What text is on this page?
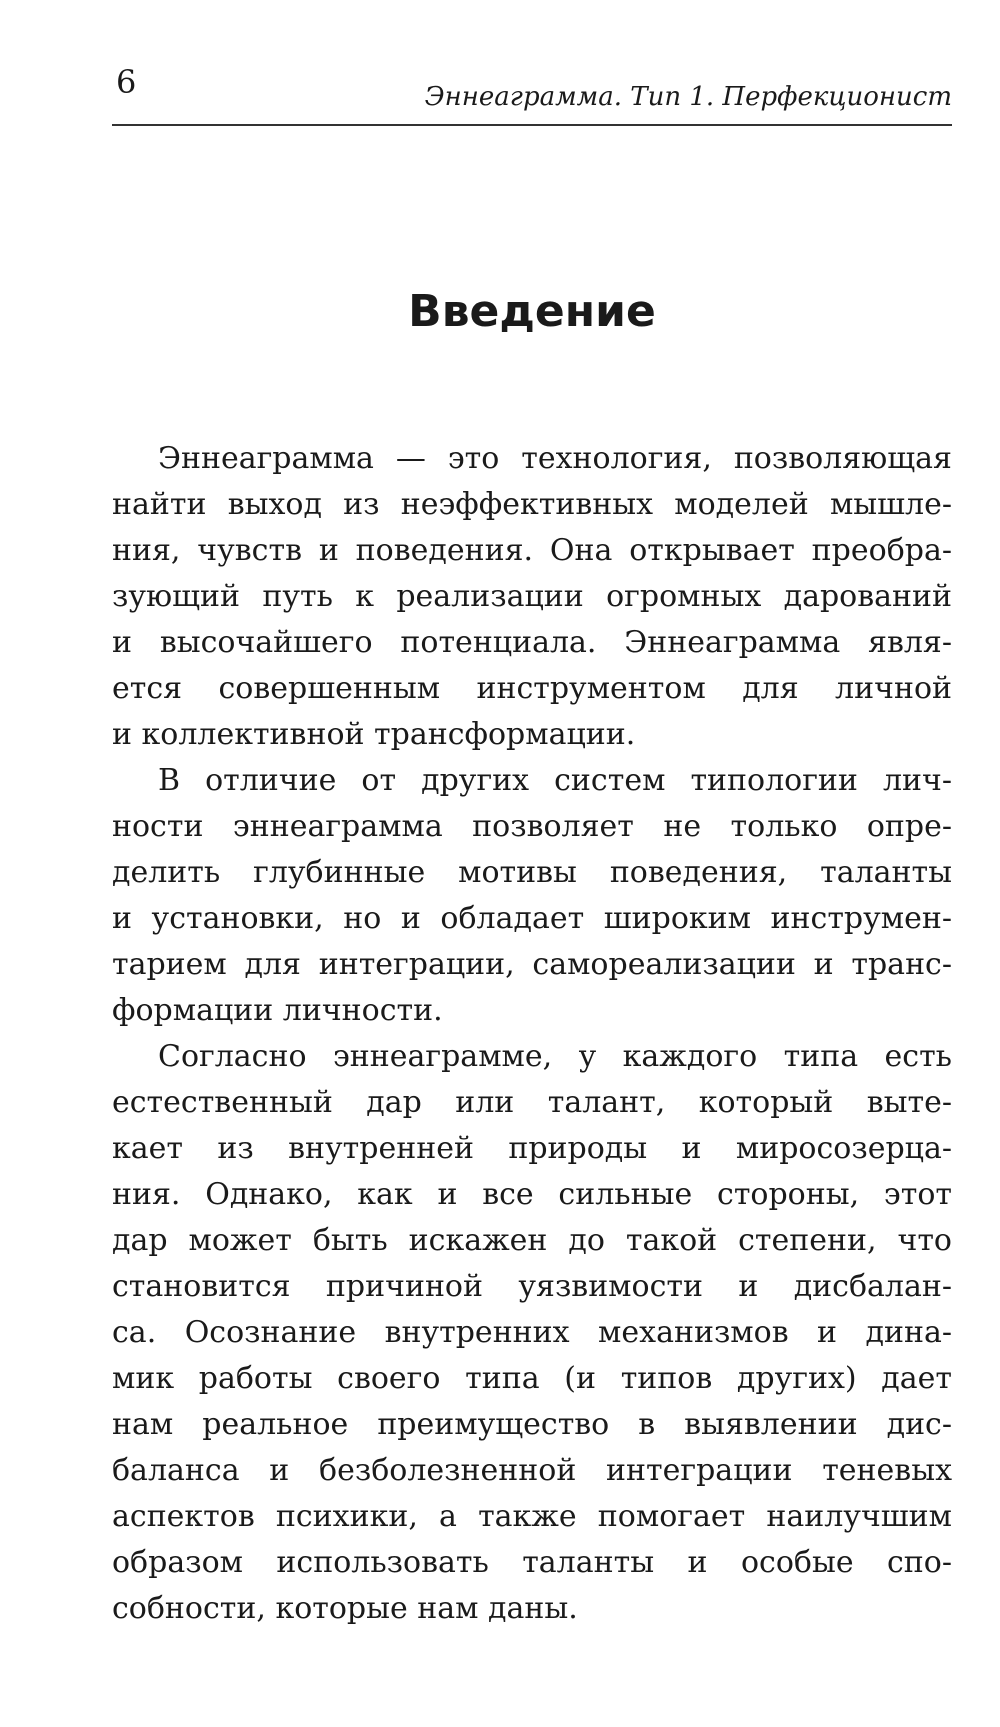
6	Эннеаграмма. Тип 1. Перфекционист
Введение
Эннеаграмма — это технология, позволяющая
найти выход из неэффективных моделей мышле-
ния, чувств и поведения. Она открывает преобра-
зующий путь к реализации огромных дарований
и высочайшего потенциала. Эннеаграмма явля-
ется совершенным инструментом для личной
и коллективной трансформации.
В отличие от других систем типологии лич-
ности эннеаграмма позволяет не только опре-
делить глубинные мотивы поведения, таланты
и установки, но и обладает широким инструмен-
тарием для интеграции, самореализации и транс-
формации личности.
Согласно эннеаграмме, у каждого типа есть
естественный дар или талант, который выте-
кает из внутренней природы и миросозерца-
ния. Однако, как и все сильные стороны, этот
дар может быть искажен до такой степени, что
становится причиной уязвимости и дисбалан-
са. Осознание внутренних механизмов и дина-
мик работы своего типа (и типов других) дает
нам реальное преимущество в выявлении дис-
баланса и безболезненной интеграции теневых
аспектов психики, а также помогает наилучшим
образом использовать таланты и особые спо-
собности, которые нам даны.
